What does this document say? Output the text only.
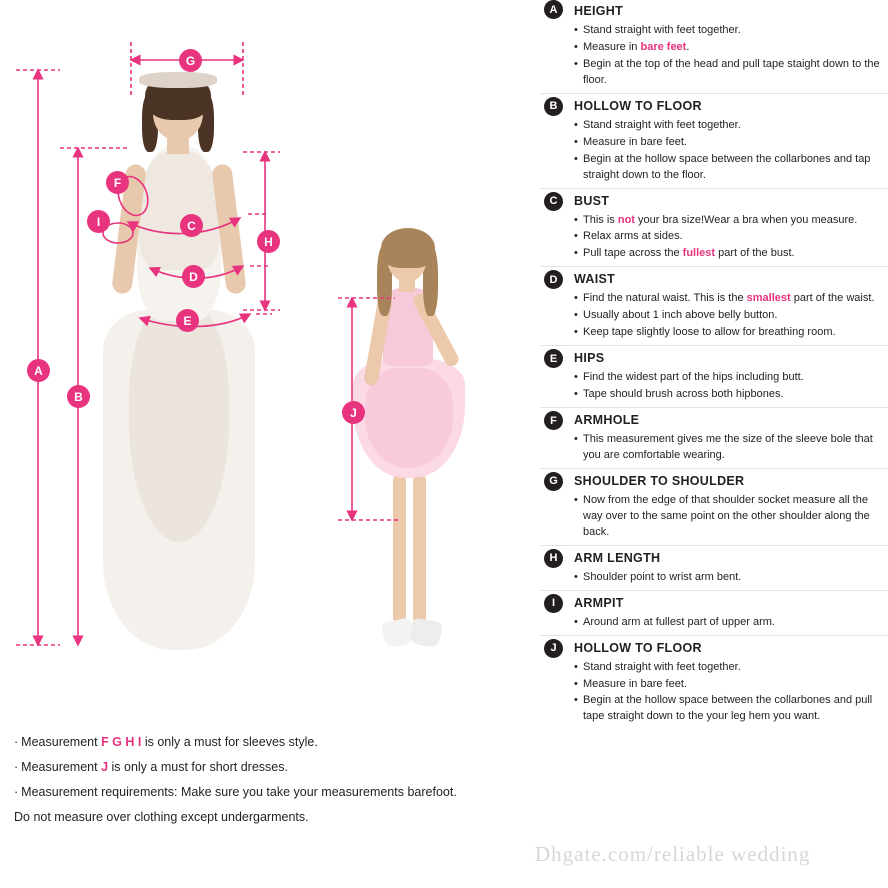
G
F
I	C
H
D
E
A
B
J
· Measurement F G H I is only a must for sleeves style.
· Measurement J is only a must for short dresses.
· Measurement requirements: Make sure you take your measurements barefoot.
Do not measure over clothing except undergarments.
A	HEIGHT
• Stand straight with feet together.
• Measure in bare feet.
• Begin at the top of the head and pull tape staight down to the floor.
B	HOLLOW TO FLOOR
• Stand straight with feet together.
• Measure in bare feet.
• Begin at the hollow space between the collarbones and tap straight down to the floor.
C	BUST
• This is not your bra size!Wear a bra when you measure.
• Relax arms at sides.
• Pull tape across the fullest part of the bust.
D	WAIST
• Find the natural waist. This is the smallest part of the waist.
• Usually about 1 inch above belly button.
• Keep tape slightly loose to allow for breathing room.
E	HIPS
• Find the widest part of the hips including butt.
• Tape should brush across both hipbones.
F	ARMHOLE
• This measurement gives me the size of the sleeve bole that you are comfortable wearing.
G	SHOULDER TO SHOULDER
• Now from the edge of that shoulder socket measure all the way over to the same point on the other shoulder along the back.
H	ARM LENGTH
• Shoulder point to wrist arm bent.
I	ARMPIT
• Around arm at fullest part of upper arm.
J	HOLLOW TO FLOOR
• Stand straight with feet together.
• Measure in bare feet.
• Begin at the hollow space between the collarbones and pull tape straight down to the your leg hem you want.
Dhgate.com/reliable wedding
